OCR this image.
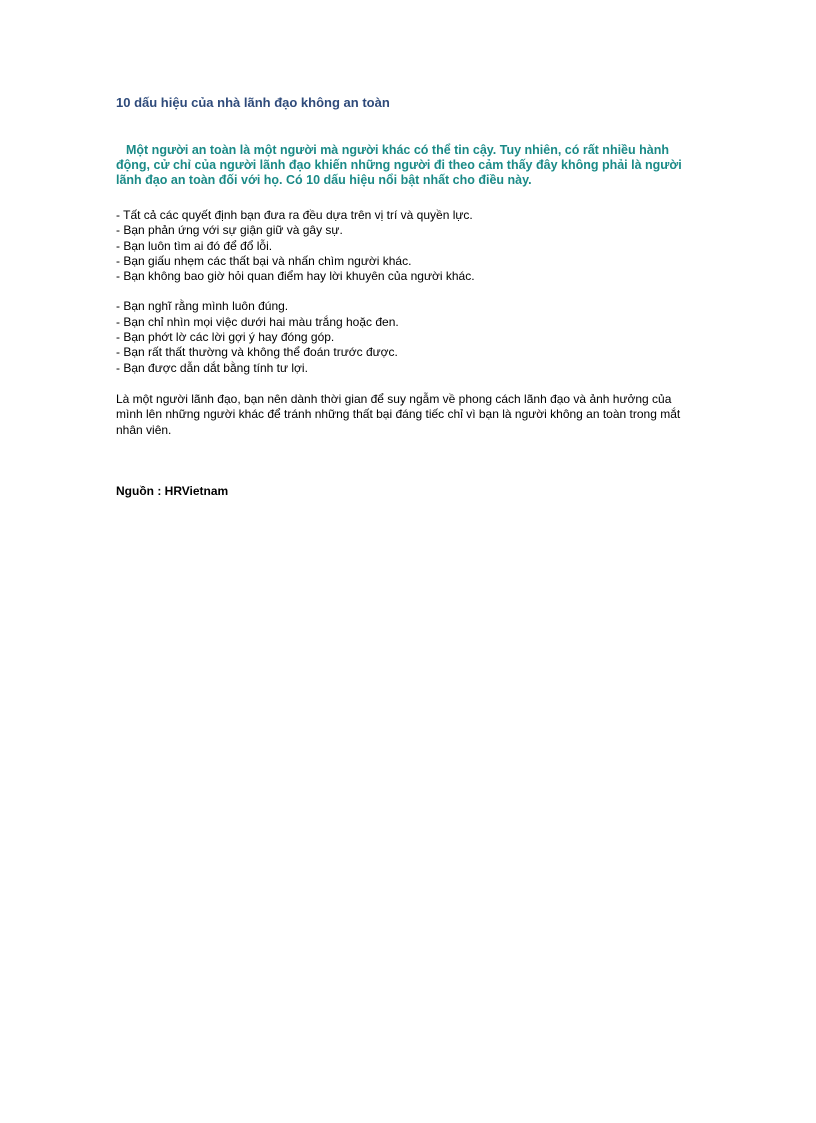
10 dấu hiệu của nhà lãnh đạo không an toàn

Một người an toàn là một người mà người khác có thể tin cậy. Tuy nhiên, có rất nhiều hành động, cử chỉ của người lãnh đạo khiến những người đi theo cảm thấy đây không phải là người lãnh đạo an toàn đối với họ. Có 10 dấu hiệu nổi bật nhất cho điều này.

- Tất cả các quyết định bạn đưa ra đều dựa trên vị trí và quyền lực.
- Bạn phản ứng với sự giận giữ và gây sự.
- Bạn luôn tìm ai đó để đổ lỗi.
- Bạn giấu nhẹm các thất bại và nhấn chìm người khác.
- Bạn không bao giờ hỏi quan điểm hay lời khuyên của người khác.
- Bạn nghĩ rằng mình luôn đúng.
- Bạn chỉ nhìn mọi việc dưới hai màu trắng hoặc đen.
- Bạn phớt lờ các lời gợi ý hay đóng góp.
- Bạn rất thất thường và không thể đoán trước được.
- Bạn được dẫn dắt bằng tính tư lợi.

Là một người lãnh đạo, bạn nên dành thời gian để suy ngẫm về phong cách lãnh đạo và ảnh hưởng của mình lên những người khác để tránh những thất bại đáng tiếc chỉ vì bạn là người không an toàn trong mắt nhân viên.

Nguồn : HRVietnam
